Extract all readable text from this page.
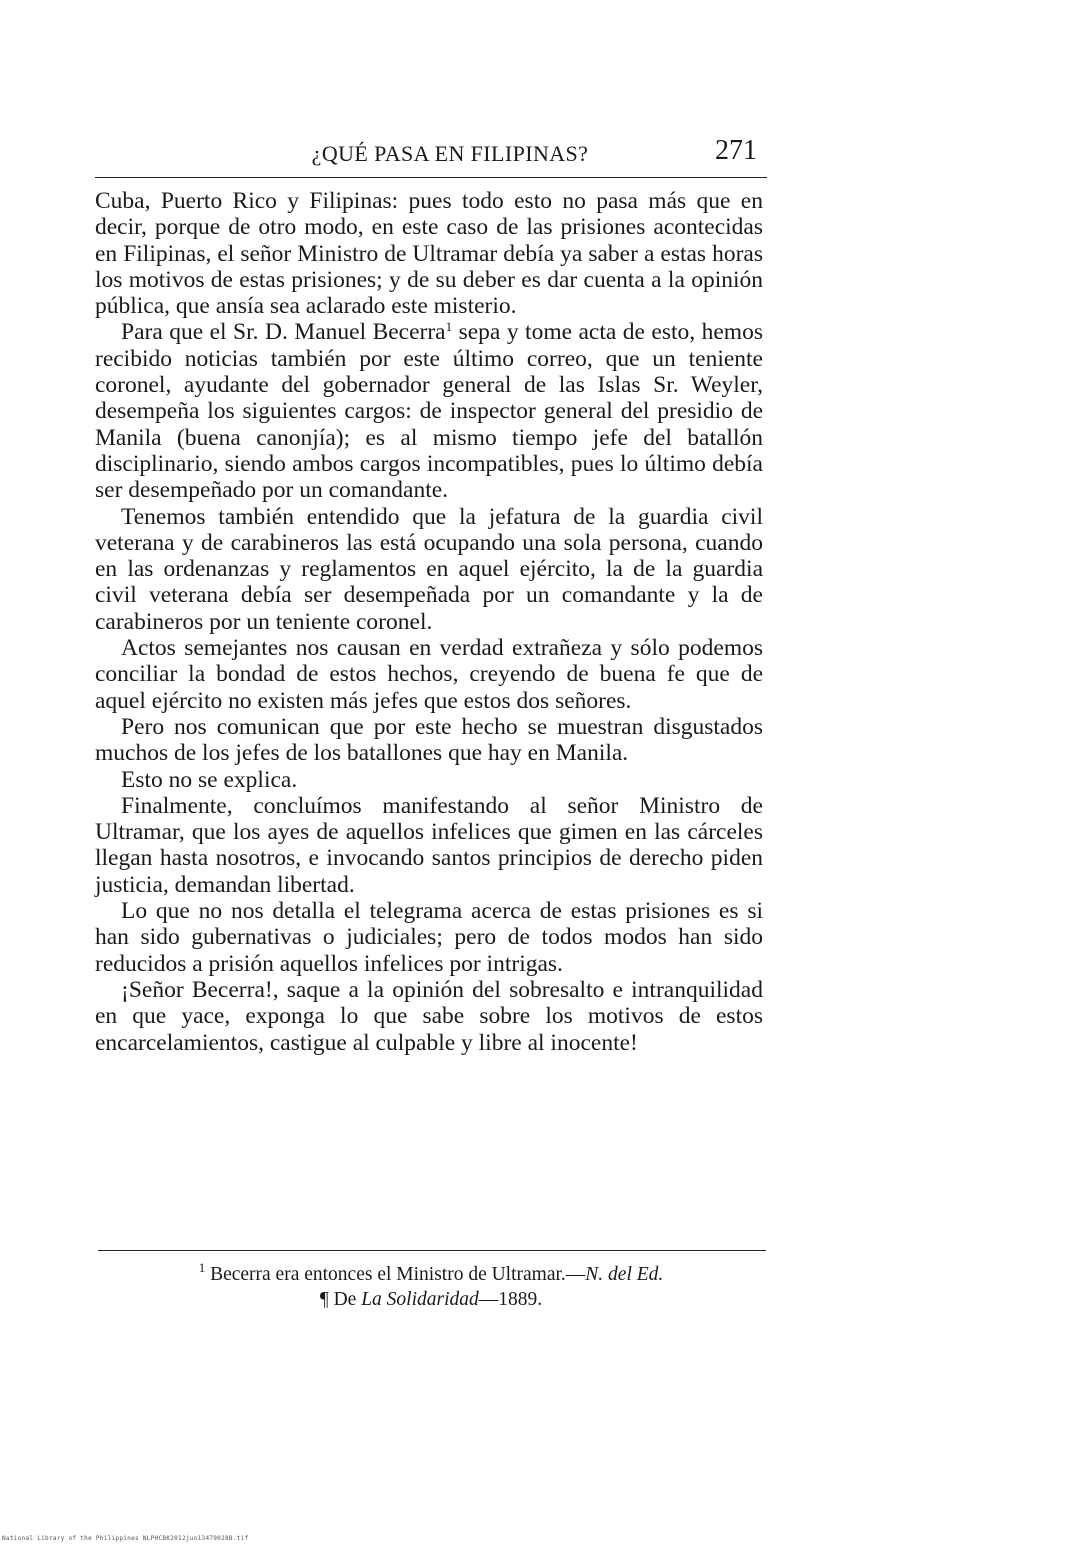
¿QUÉ PASA EN FILIPINAS?	271

Cuba, Puerto Rico y Filipinas: pues todo esto no pasa más que en decir, porque de otro modo, en este caso de las prisiones acontecidas en Filipinas, el señor Ministro de Ultramar debía ya saber a estas horas los motivos de estas prisiones; y de su deber es dar cuenta a la opinión pública, que ansía sea aclarado este misterio.

Para que el Sr. D. Manuel Becerra$^1$ sepa y tome acta de esto, hemos recibido noticias también por este último correo, que un teniente coronel, ayudante del gobernador general de las Islas Sr. Weyler, desempeña los siguientes cargos: de inspector general del presidio de Manila (buena canonjía); es al mismo tiempo jefe del batallón disciplinario, siendo ambos cargos incompatibles, pues lo último debía ser desempeñado por un comandante.

Tenemos también entendido que la jefatura de la guardia civil veterana y de carabineros las está ocupando una sola persona, cuando en las ordenanzas y reglamentos en aquel ejército, la de la guardia civil veterana debía ser desempeñada por un comandante y la de carabineros por un teniente coronel.

Actos semejantes nos causan en verdad extrañeza y sólo podemos conciliar la bondad de estos hechos, creyendo de buena fe que de aquel ejército no existen más jefes que estos dos señores.

Pero nos comunican que por este hecho se muestran disgustados muchos de los jefes de los batallones que hay en Manila.

Esto no se explica.

Finalmente, concluímos manifestando al señor Ministro de Ultramar, que los ayes de aquellos infelices que gimen en las cárceles llegan hasta nosotros, e invocando santos principios de derecho piden justicia, demandan libertad.

Lo que no nos detalla el telegrama acerca de estas prisiones es si han sido gubernativas o judiciales; pero de todos modos han sido reducidos a prisión aquellos infelices por intrigas.

¡Señor Becerra!, saque a la opinión del sobresalto e intranquilidad en que yace, exponga lo que sabe sobre los motivos de estos encarcelamientos, castigue al culpable y libre al inocente!

$^1$ Becerra era entonces el Ministro de Ultramar.—N. del Ed.

¶ De La Solidaridad—1889.

National Library of the Philippines NLPHCBK2012jun13479028B.tif
